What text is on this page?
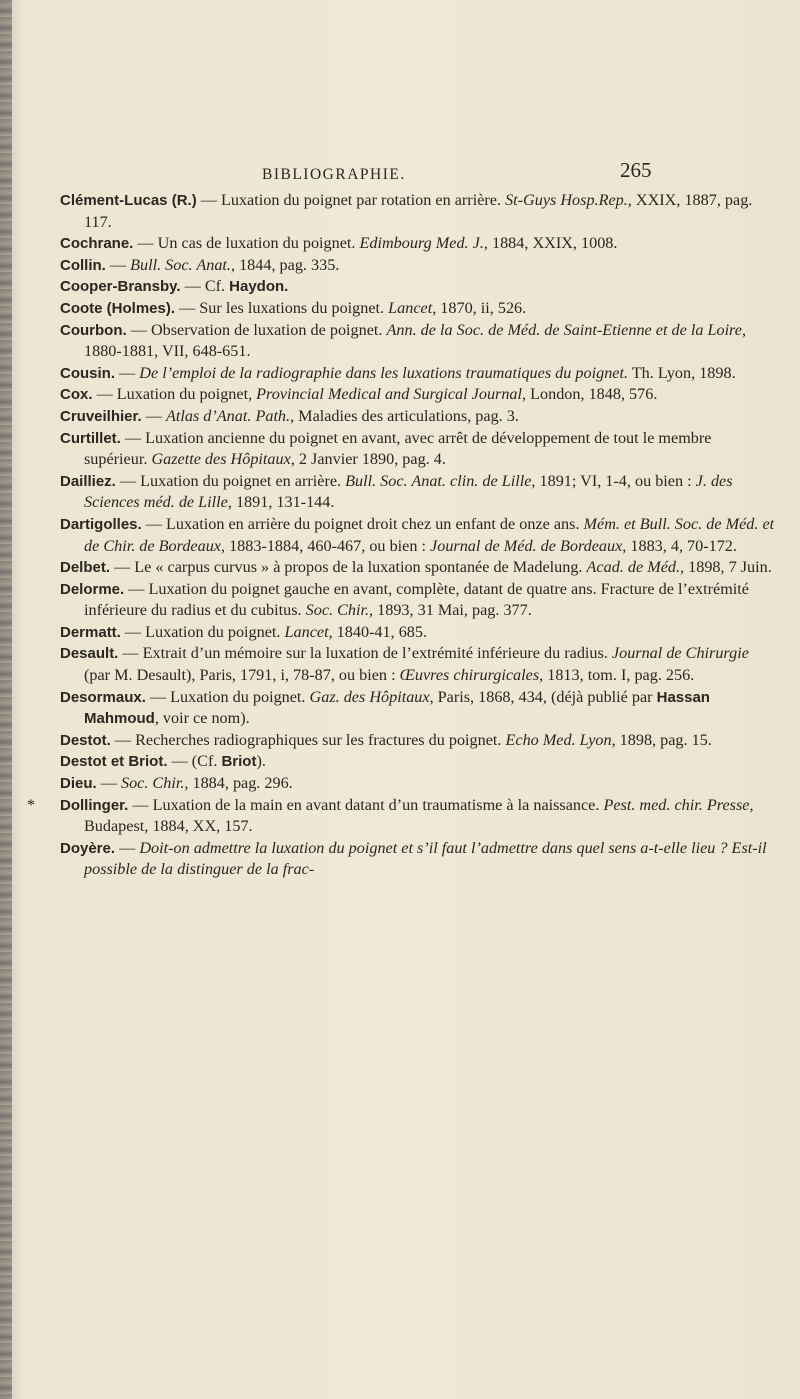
BIBLIOGRAPHIE.	265

Clément-Lucas (R.) — Luxation du poignet par rotation en arrière. St-Guys Hosp.Rep., XXIX, 1887, pag. 117.

Cochrane. — Un cas de luxation du poignet. Edimbourg Med. J., 1884, XXIX, 1008.

Collin. — Bull. Soc. Anat., 1844, pag. 335.

Cooper-Bransby. — Cf. Haydon.

Coote (Holmes). — Sur les luxations du poignet. Lancet, 1870, ii, 526.

Courbon. — Observation de luxation de poignet. Ann. de la Soc. de Méd. de Saint-Etienne et de la Loire, 1880-1881, VII, 648-651.

Cousin. — De l’emploi de la radiographie dans les luxations traumatiques du poignet. Th. Lyon, 1898.

Cox. — Luxation du poignet, Provincial Medical and Surgical Journal, London, 1848, 576.

Cruveilhier. — Atlas d’Anat. Path., Maladies des articulations, pag. 3.

Curtillet. — Luxation ancienne du poignet en avant, avec arrêt de développement de tout le membre supérieur. Gazette des Hôpitaux, 2 Janvier 1890, pag. 4.

Dailliez. — Luxation du poignet en arrière. Bull. Soc. Anat. clin. de Lille, 1891; VI, 1-4, ou bien : J. des Sciences méd. de Lille, 1891, 131-144.

Dartigolles. — Luxation en arrière du poignet droit chez un enfant de onze ans. Mém. et Bull. Soc. de Méd. et de Chir. de Bordeaux, 1883-1884, 460-467, ou bien : Journal de Méd. de Bordeaux, 1883, 4, 70-172.

Delbet. — Le « carpus curvus » à propos de la luxation spontanée de Madelung. Acad. de Méd., 1898, 7 Juin.

Delorme. — Luxation du poignet gauche en avant, complète, datant de quatre ans. Fracture de l’extrémité inférieure du radius et du cubitus. Soc. Chir., 1893, 31 Mai, pag. 377.

Dermatt. — Luxation du poignet. Lancet, 1840-41, 685.

Desault. — Extrait d’un mémoire sur la luxation de l’extrémité inférieure du radius. Journal de Chirurgie (par M. Desault), Paris, 1791, i, 78-87, ou bien : Œuvres chirurgicales, 1813, tom. I, pag. 256.

Desormaux. — Luxation du poignet. Gaz. des Hôpitaux, Paris, 1868, 434, (déjà publié par Hassan Mahmoud, voir ce nom).

Destot. — Recherches radiographiques sur les fractures du poignet. Echo Med. Lyon, 1898, pag. 15.

Destot et Briot. — (Cf. Briot).

Dieu. — Soc. Chir., 1884, pag. 296.

* Dollinger. — Luxation de la main en avant datant d’un traumatisme à la naissance. Pest. med. chir. Presse, Budapest, 1884, XX, 157.

Doyère. — Doit-on admettre la luxation du poignet et s’il faut l’admettre dans quel sens a-t-elle lieu ? Est-il possible de la distinguer de la frac-
